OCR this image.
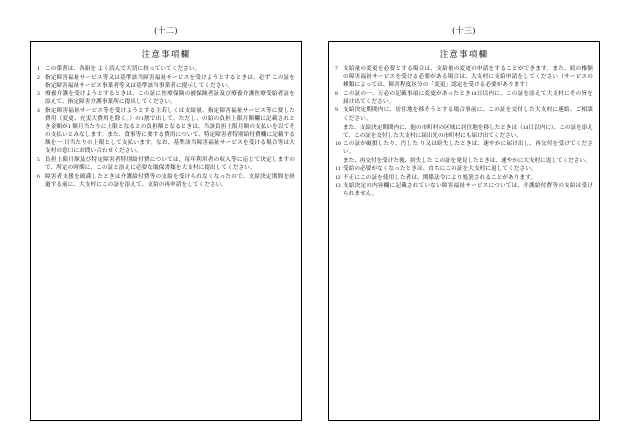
(十二)
注意事項欄
1 この葉書は、各組を よく読んで大切に持っていてください。
2 指定障害福祉サービス等又は基準該当障害福祉サービスを受けようとするときは、必ず この証を指定障害福祉サービス事業者等又は基準該当事業者に提示してください。
3 療養介護を受けようとするときは、この証に医療保険の被保険者証及び療養介護医療受給者証を添えて、指定障害介護事業所に提出してください。
4 指定障害福祉サービス等を受けようとする主若しくは支給量、指定障害福祉サービス等に要した費用（変更、充実大費用を除く。）の1割で出して、ただし、の給の負担上限月額欄に記載されとき金額が1 額月当たりに上限となるとの負担額となるときは、当該負担上限月額の支払いを以てその支払いとみなします。また、食事等に要する費用について、特定障害者特別給付費欄に記載する額を一 日当たりの上限として支払います。なお、基準該当障害福祉サービスを受ける場合等は大支村の窓口にお問い合わせください。
5 負担上限月額及び特定障害者特別給付費については、毎年利用者の収入等に応じて決定しますので、所定の時期に、この証と添えに必要な服保書類を大支村に提出してください。
6 障害者支援を破満したときは介護給付費等の支給を受けられなくなったので、支給決定期間を経過する前に、大支村にこの証を添えて、支給の再申請をしてください。
(十三)
注意事項欄
7 支給量の変更を必要とする場合は、支給量の変更の申請をすることができます。また、続の権額の障害福祉サービスを受ける必要がある場合は、大支村に支給申請をしてください（サービスの種類によっては、障害程度区分の「変更」認定を受ける必要があります）
8 この証の一、万必の記載事項に変更があったとき14日以内に、この証を添えて大支村にその旨を届け出てください。
9 支給決定期間内に、居住地を移そうとする場合事前に、この証を交付した大支村に連絡、ご相談ください。
また、支給決定期間内に、他の市町村の区域に居住地を移したときは（14日以内に）、この証を添えて、この証を交付した大支村に届出先の市町村にも届け出てください。
10 この証が破損したり、汚した り又は紛失したときは、速やかに届け出し、再交付を受けてください。
また、再交付を受けた後、紛失した この証を発見したときは、速やかに大支村に返してください。
11 受給の必要がなくなったときは、直ちにこの証を大支村に返してください。
12 不正にこの証を使用した者は、関係法令により処罰されることがあります。
13 支給決定の内容欄に記載されていない障害福祉サービスについては、介護給付費等の支給は受けられません。
